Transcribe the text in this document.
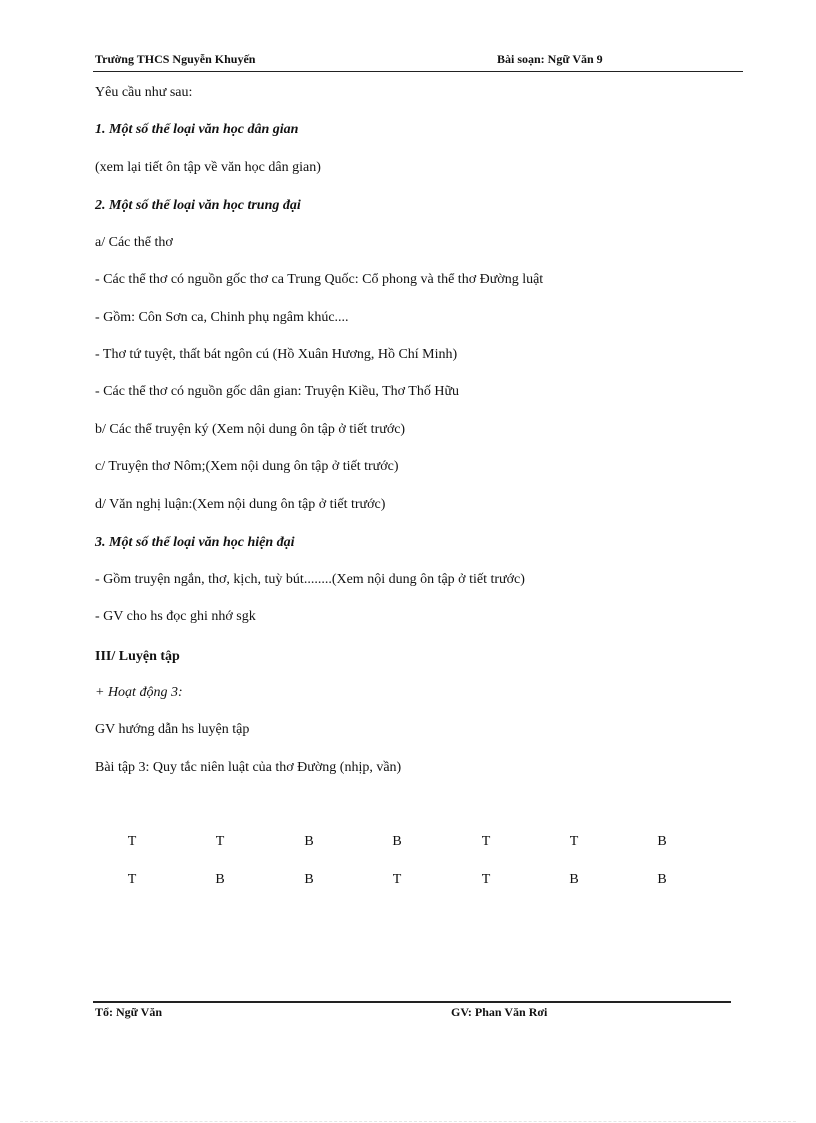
Trường THCS Nguyễn Khuyến	Bài soạn: Ngữ Văn 9
Yêu cầu như sau:
1. Một số thể loại văn học dân gian
(xem lại tiết ôn tập về văn học dân gian)
2. Một số thể loại văn học trung đại
a/ Các thể thơ
- Các thể thơ có nguồn gốc thơ ca Trung Quốc: Cổ phong và thể thơ Đường luật
- Gồm: Côn Sơn ca, Chinh phụ ngâm khúc....
- Thơ tứ tuyệt, thất bát ngôn cú (Hồ Xuân Hương, Hồ Chí Minh)
- Các thể thơ có nguồn gốc dân gian: Truyện Kiều, Thơ Thố Hữu
b/ Các thể truyện ký (Xem nội dung ôn tập ở tiết trước)
c/ Truyện thơ Nôm;(Xem nội dung ôn tập ở tiết trước)
d/ Văn nghị luận:(Xem nội dung ôn tập ở tiết trước)
3. Một số thể loại văn học hiện đại
- Gồm truyện ngắn, thơ, kịch, tuỳ bút........(Xem nội dung ôn tập ở tiết trước)
- GV cho hs đọc ghi nhớ sgk
III/ Luyện tập
+ Hoạt động 3:
GV hướng dẫn hs luyện tập
Bài tập 3: Quy tắc niên luật của thơ Đường (nhịp, vần)
T	T	B	B	T	T	B
T	B	B	T	T	B	B
Tổ: Ngữ Văn	GV: Phan Văn Rơi
